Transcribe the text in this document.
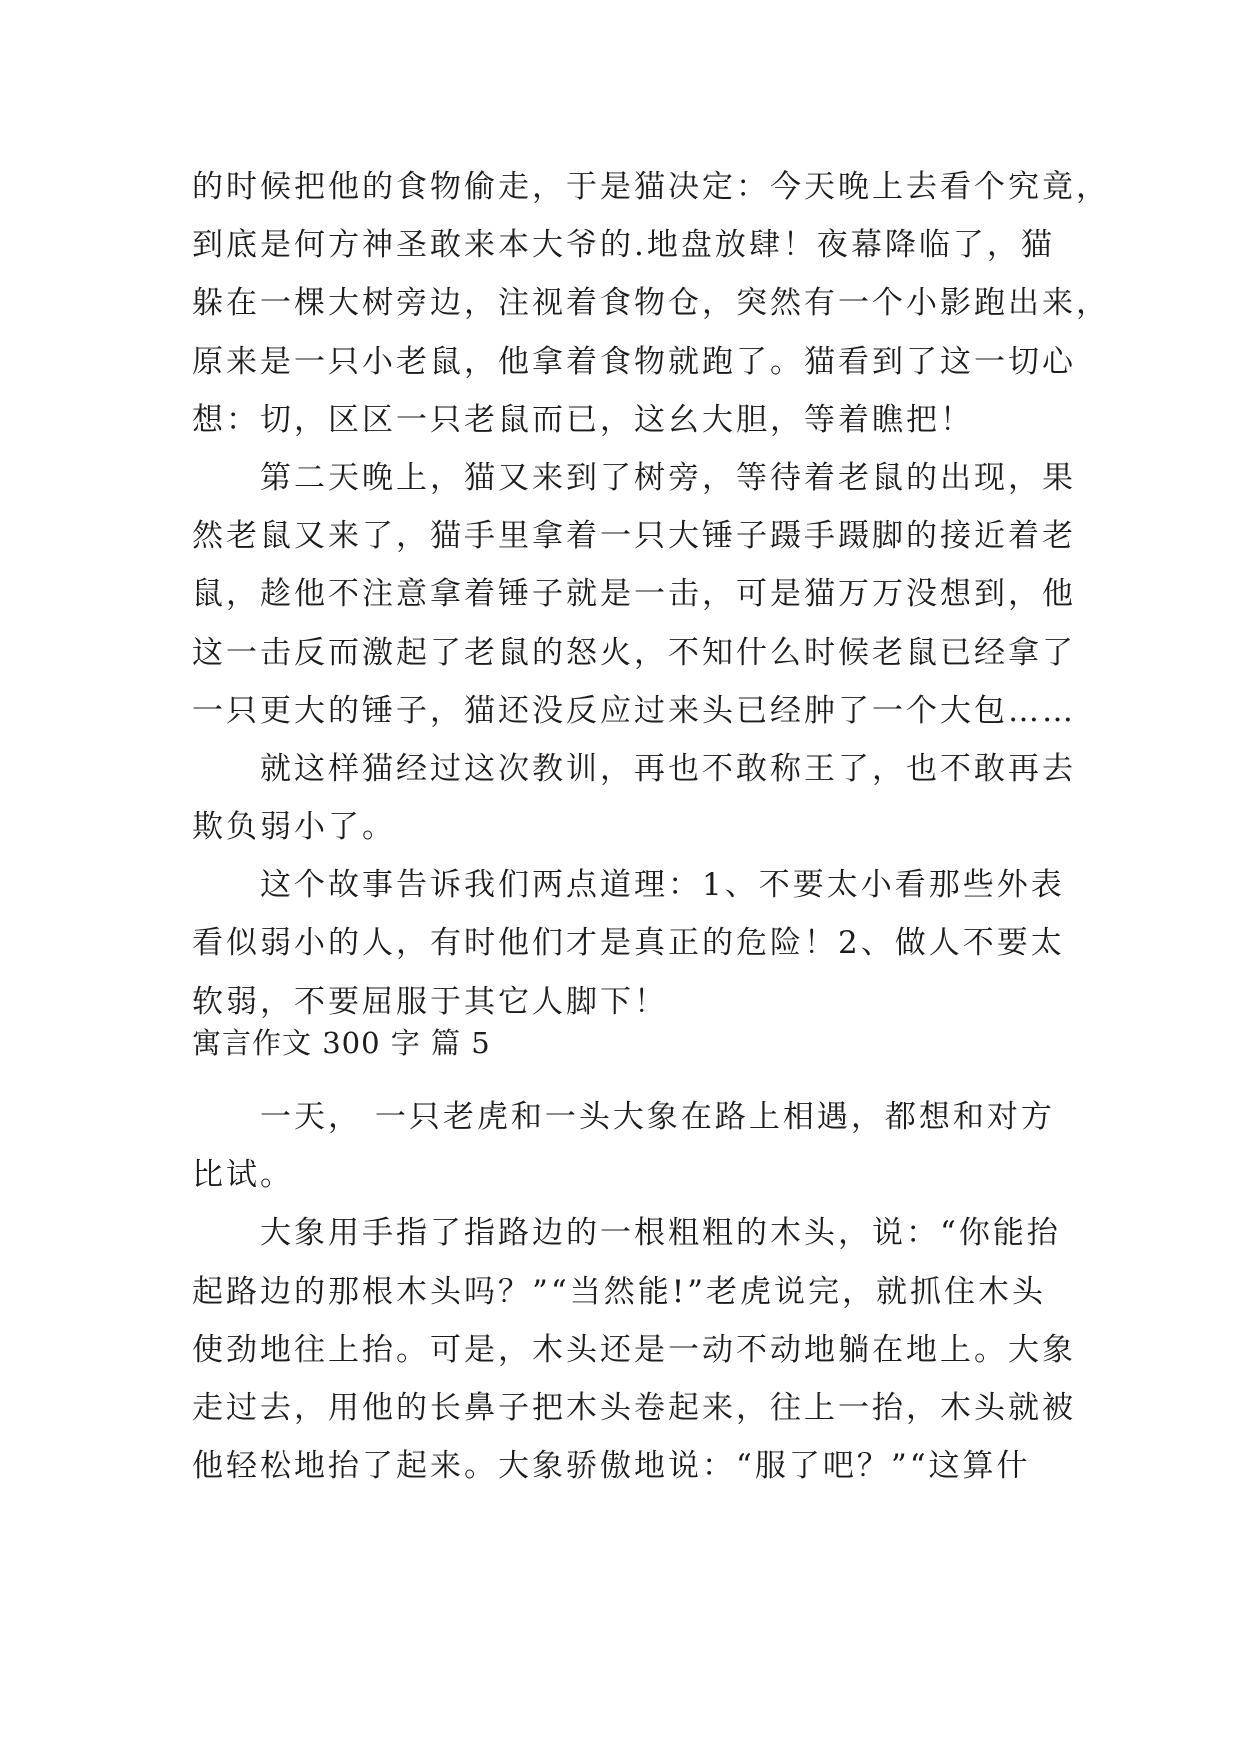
的时候把他的食物偷走，于是猫决定：今天晚上去看个究竟，
到底是何方神圣敢来本大爷的.地盘放肆！夜幕降临了，猫
躲在一棵大树旁边，注视着食物仓，突然有一个小影跑出来，
原来是一只小老鼠，他拿着食物就跑了。猫看到了这一切心
想：切，区区一只老鼠而已，这幺大胆，等着瞧把！
　　第二天晚上，猫又来到了树旁，等待着老鼠的出现，果
然老鼠又来了，猫手里拿着一只大锤子蹑手蹑脚的接近着老
鼠，趁他不注意拿着锤子就是一击，可是猫万万没想到，他
这一击反而激起了老鼠的怒火，不知什么时候老鼠已经拿了
一只更大的锤子，猫还没反应过来头已经肿了一个大包……
　　就这样猫经过这次教训，再也不敢称王了，也不敢再去
欺负弱小了。
　　这个故事告诉我们两点道理：1、不要太小看那些外表
看似弱小的人，有时他们才是真正的危险！2、做人不要太
软弱，不要屈服于其它人脚下！
寓言作文 300 字 篇 5
　　一天， 一只老虎和一头大象在路上相遇，都想和对方
比试。
　　大象用手指了指路边的一根粗粗的木头，说：“你能抬
起路边的那根木头吗？”“当然能!”老虎说完，就抓住木头
使劲地往上抬。可是，木头还是一动不动地躺在地上。大象
走过去，用他的长鼻子把木头卷起来，往上一抬，木头就被
他轻松地抬了起来。大象骄傲地说：“服了吧？”“这算什
